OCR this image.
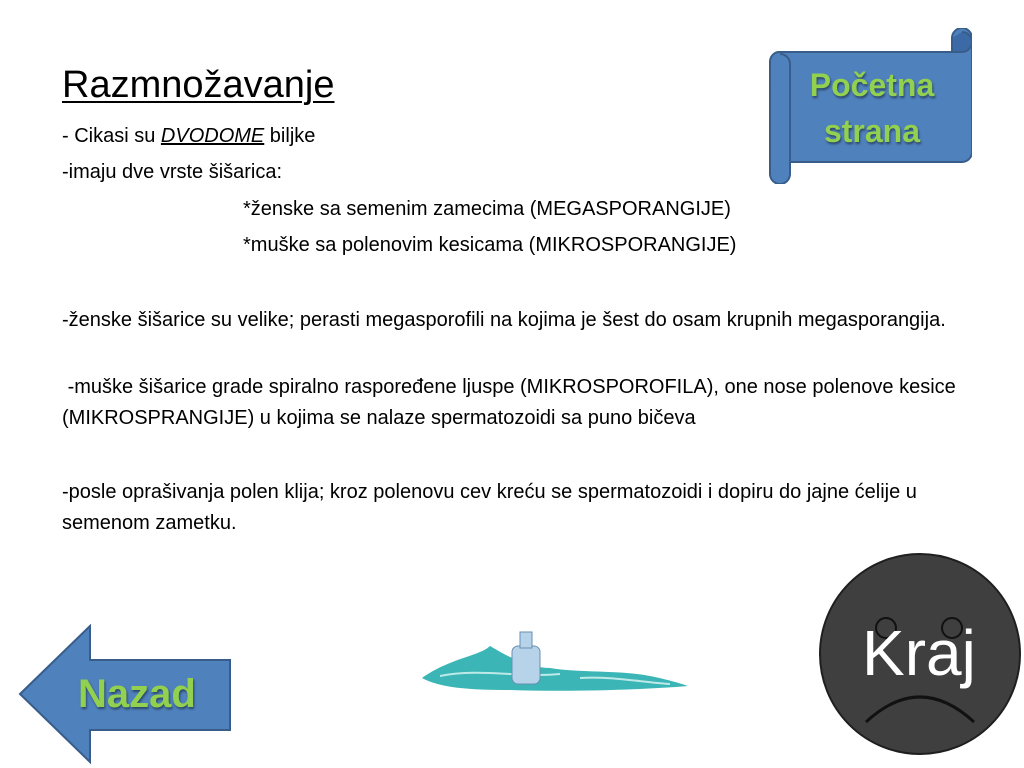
Razmnožavanje
- Cikasi su DVODOME biljke
-imaju dve vrste šišarica:
*ženske sa semenim zamecima (MEGASPORANGIJE)
*muške sa polenovim kesicama (MIKROSPORANGIJE)
-ženske šišarice su velike; perasti megasporofili na kojima je šest do osam krupnih megasporangija.
-muške šišarice grade spiralno raspoređene ljuspe (MIKROSPOROFILA), one nose polenove kesice (MIKROSPRANGIJE) u kojima se nalaze spermatozoidi sa puno bičeva
-posle oprašivanja polen klija; kroz polenovu cev kreću se spermatozoidi i dopiru do jajne ćelije u semenom zametku.
Početna
strana
Nazad
Kraj
